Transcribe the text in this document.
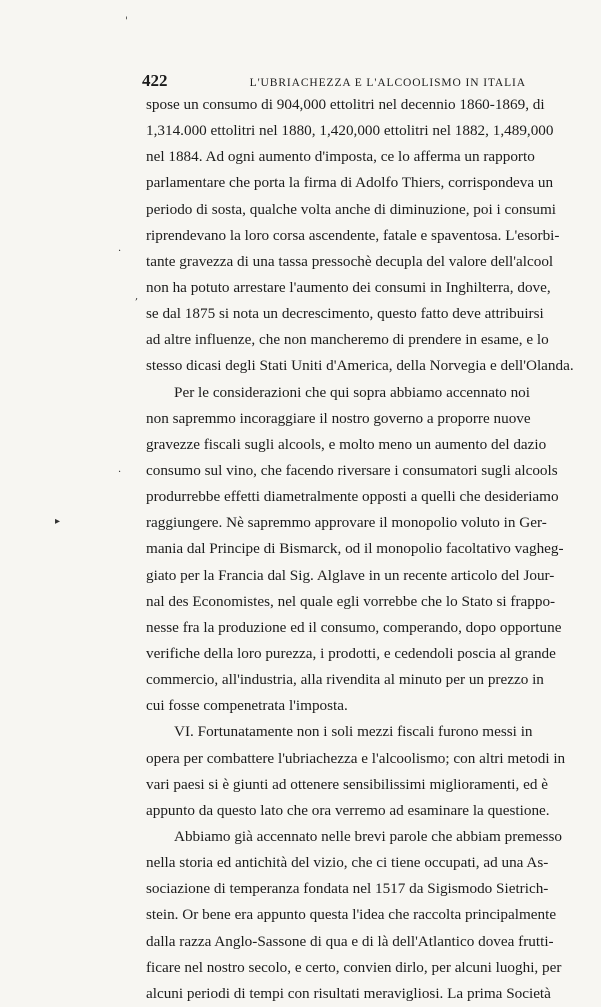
422	L'UBRIACHEZZA E L'ALCOOLISMO IN ITALIA
spose un consumo di 904,000 ettolitri nel decennio 1860-1869, di
1,314.000 ettolitri nel 1880, 1,420,000 ettolitri nel 1882, 1,489,000
nel 1884. Ad ogni aumento d'imposta, ce lo afferma un rapporto
parlamentare che porta la firma di Adolfo Thiers, corrispondeva un
periodo di sosta, qualche volta anche di diminuzione, poi i consumi
riprendevano la loro corsa ascendente, fatale e spaventosa. L'esorbi-
tante gravezza di una tassa pressochè decupla del valore dell'alcool
non ha potuto arrestare l'aumento dei consumi in Inghilterra, dove,
se dal 1875 si nota un decrescimento, questo fatto deve attribuirsi
ad altre influenze, che non mancheremo di prendere in esame, e lo
stesso dicasi degli Stati Uniti d'America, della Norvegia e dell'Olanda.
Per le considerazioni che qui sopra abbiamo accennato noi
non sapremmo incoraggiare il nostro governo a proporre nuove
gravezze fiscali sugli alcools, e molto meno un aumento del dazio
consumo sul vino, che facendo riversare i consumatori sugli alcools
produrrebbe effetti diametralmente opposti a quelli che desideriamo
raggiungere. Nè sapremmo approvare il monopolio voluto in Ger-
mania dal Principe di Bismarck, od il monopolio facoltativo vagheg-
giato per la Francia dal Sig. Alglave in un recente articolo del Jour-
nal des Economistes, nel quale egli vorrebbe che lo Stato si frappo-
nesse fra la produzione ed il consumo, comperando, dopo opportune
verifiche della loro purezza, i prodotti, e cedendoli poscia al grande
commercio, all'industria, alla rivendita al minuto per un prezzo in
cui fosse compenetrata l'imposta.
VI. Fortunatamente non i soli mezzi fiscali furono messi in
opera per combattere l'ubriachezza e l'alcoolismo; con altri metodi in
vari paesi si è giunti ad ottenere sensibilissimi miglioramenti, ed è
appunto da questo lato che ora verremo ad esaminare la questione.
Abbiamo già accennato nelle brevi parole che abbiam premesso
nella storia ed antichità del vizio, che ci tiene occupati, ad una As-
sociazione di temperanza fondata nel 1517 da Sigismodo Sietrich-
stein. Or bene era appunto questa l'idea che raccolta principalmente
dalla razza Anglo-Sassone di qua e di là dell'Atlantico dovea frutti-
ficare nel nostro secolo, e certo, convien dirlo, per alcuni luoghi, per
alcuni periodi di tempi con risultati meravigliosi. La prima Società
'
·
,
·
▸
